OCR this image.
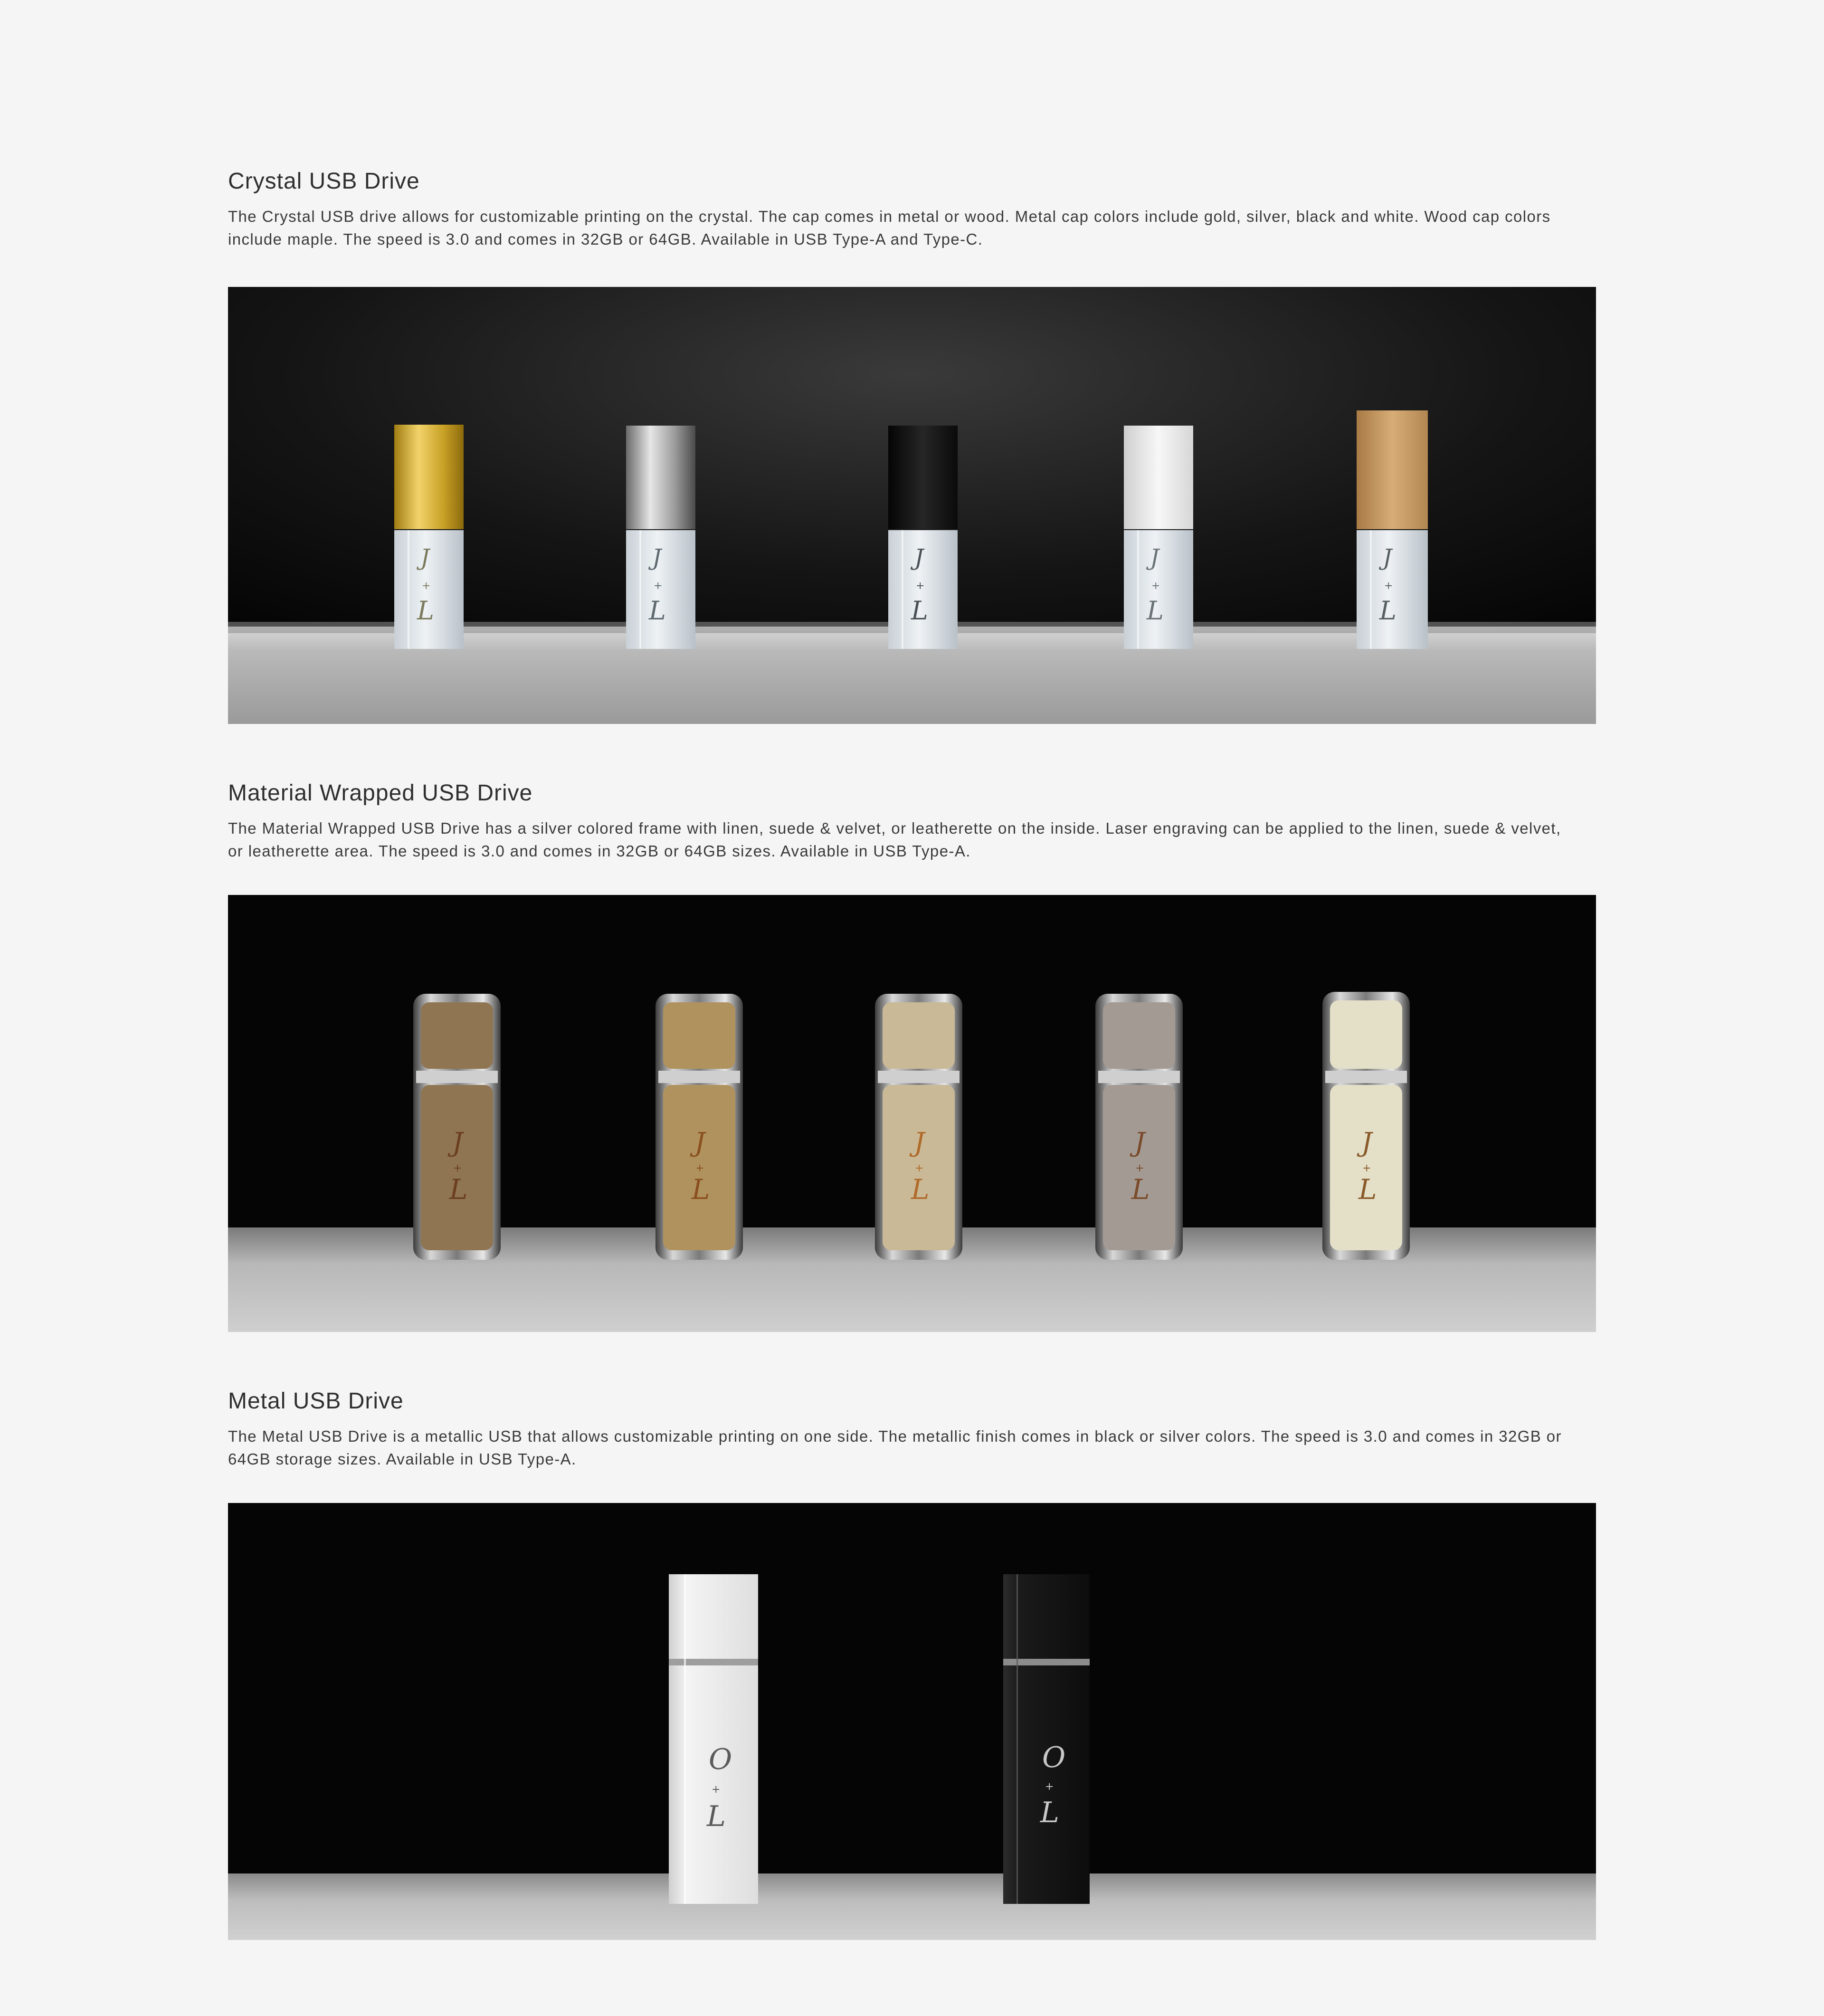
Crystal USB Drive

The Crystal USB drive allows for customizable printing on the crystal. The cap comes in metal or wood. Metal cap colors include gold, silver, black and white. Wood cap colors include maple. The speed is 3.0 and comes in 32GB or 64GB. Available in USB Type-A and Type-C.

J
+
L
J
+
L
J
+
L
J
+
L
J
+
L
Material Wrapped USB Drive

The Material Wrapped USB Drive has a silver colored frame with linen, suede & velvet, or leatherette on the inside. Laser engraving can be applied to the linen, suede & velvet, or leatherette area. The speed is 3.0 and comes in 32GB or 64GB sizes. Available in USB Type-A.

J
+
L
J
+
L
J
+
L
J
+
L
J
+
L
Metal USB Drive

The Metal USB Drive is a metallic USB that allows customizable printing on one side. The metallic finish comes in black or silver colors. The speed is 3.0 and comes in 32GB or 64GB storage sizes. Available in USB Type-A.

O
+
L
O
+
L
